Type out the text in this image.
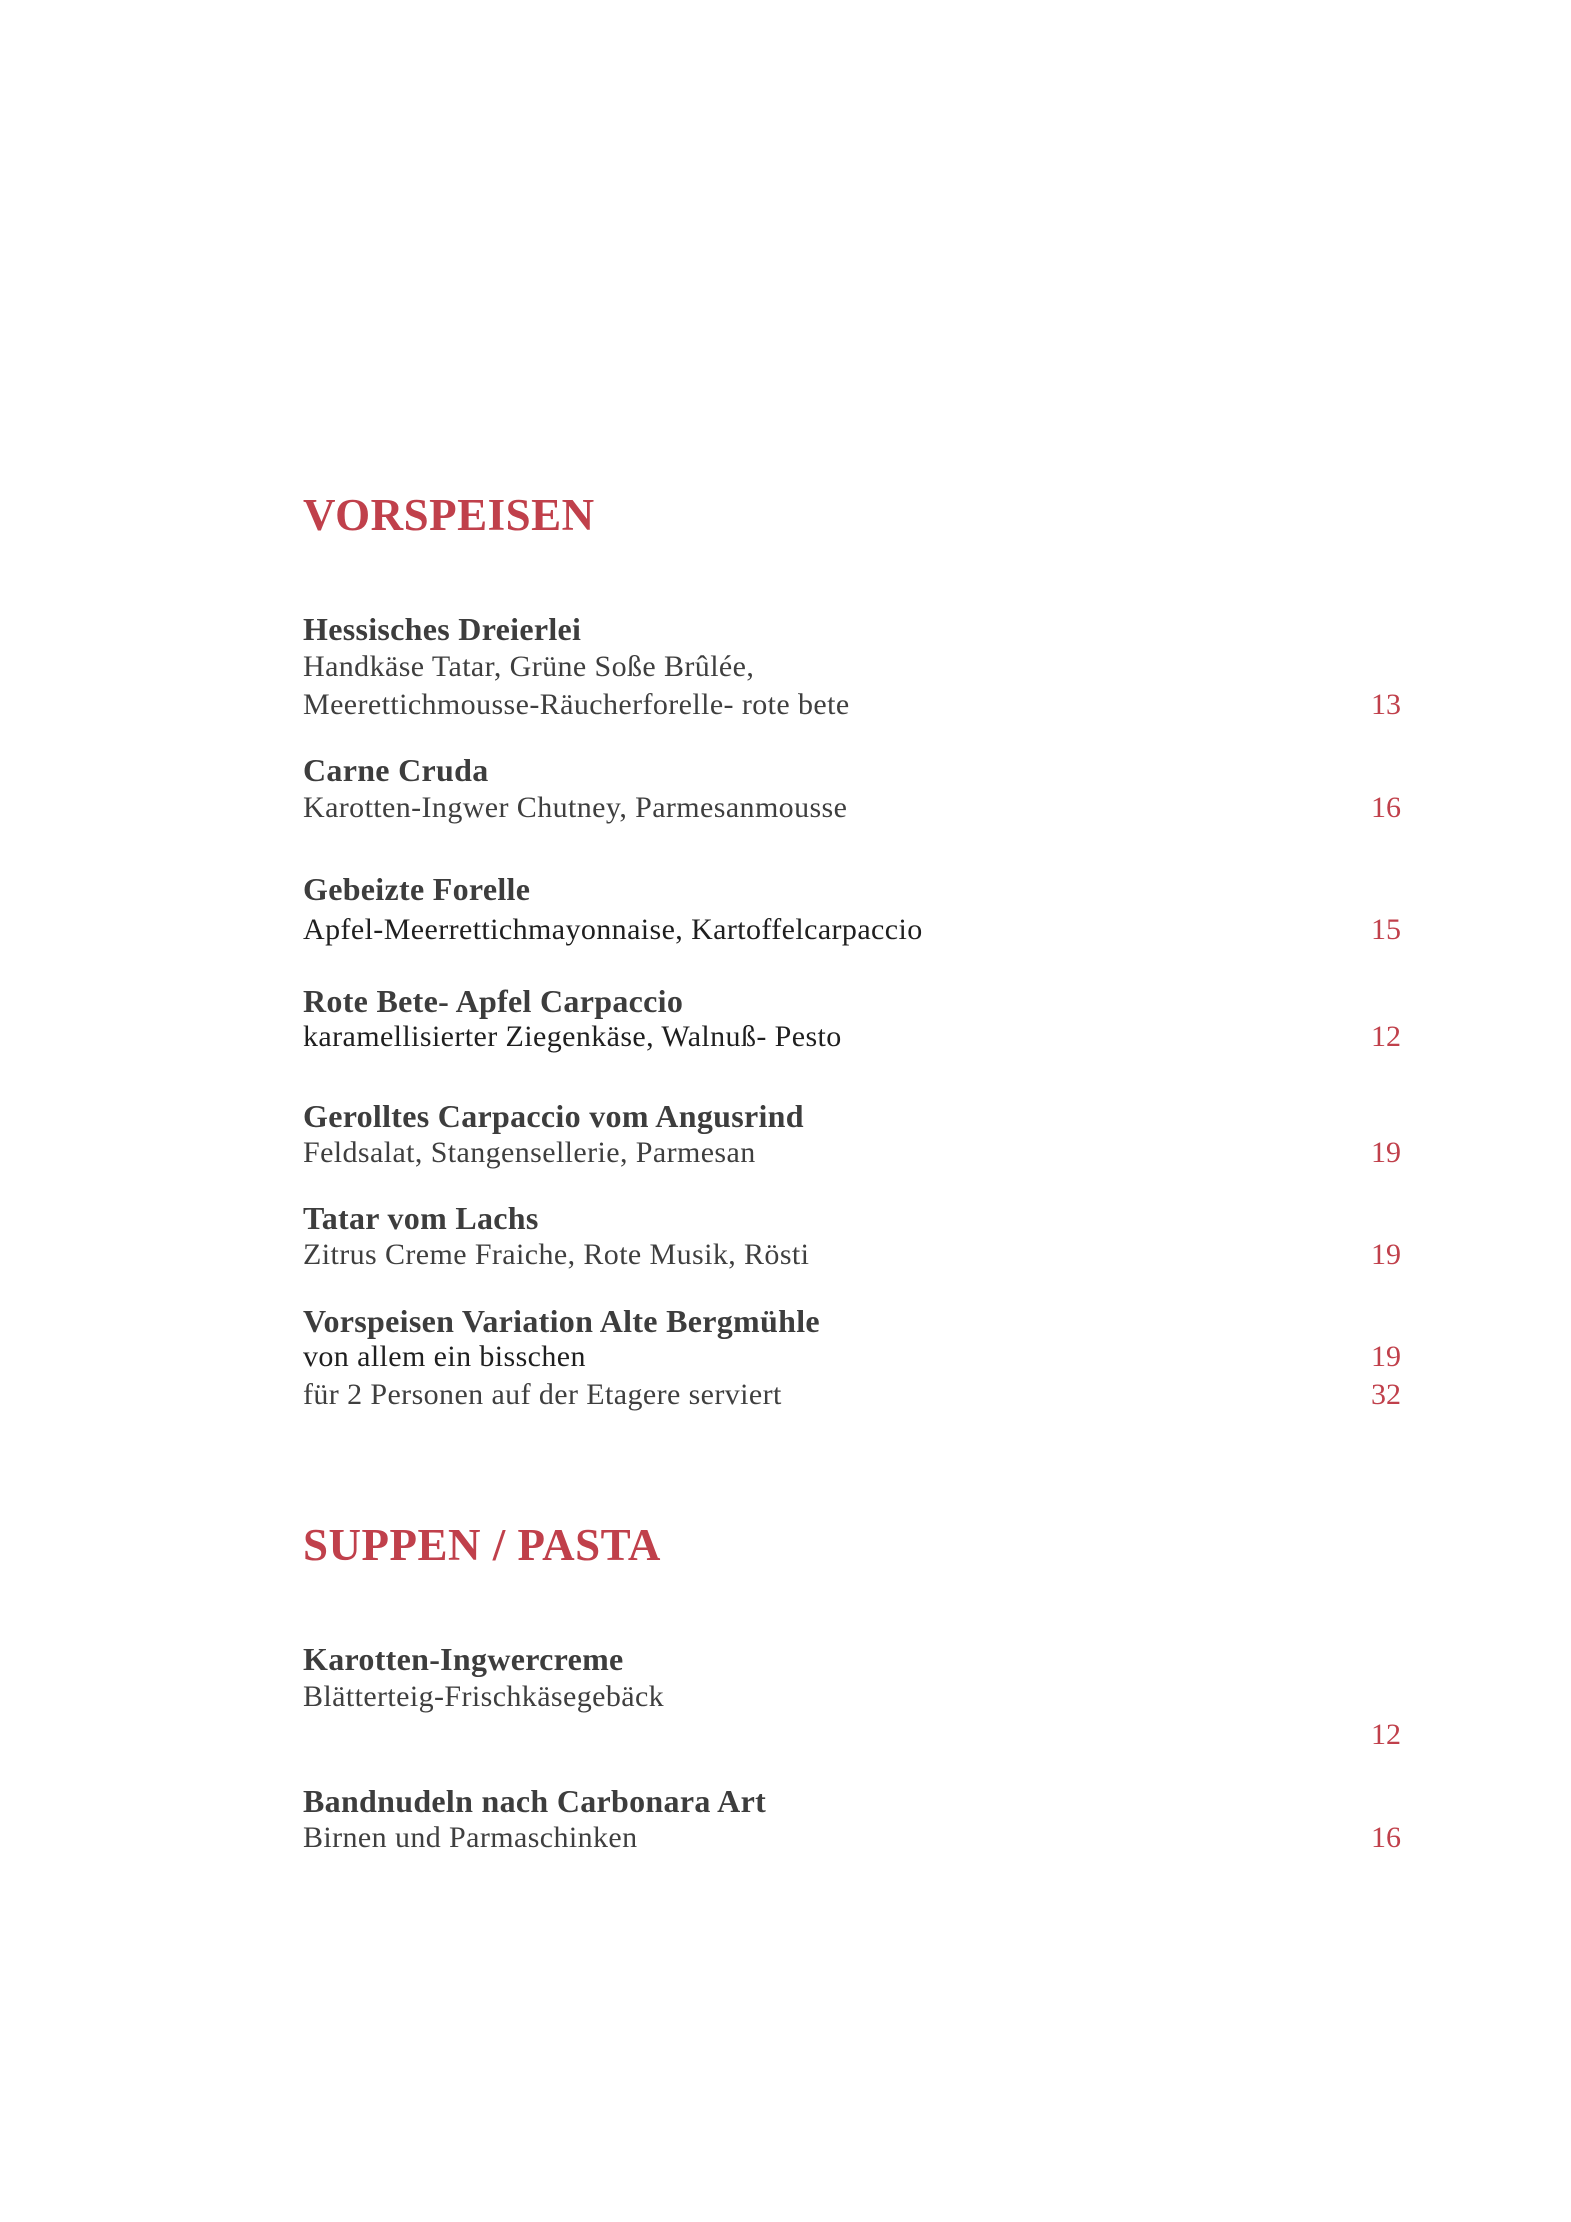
VORSPEISEN
Hessisches Dreierlei
Handkäse Tatar, Grüne Soße Brûlée,
Meerettichmousse-Räucherforelle- rote bete	13
Carne Cruda
Karotten-Ingwer Chutney, Parmesanmousse	16
Gebeizte Forelle
Apfel-Meerrettichmayonnaise, Kartoffelcarpaccio	15
Rote Bete- Apfel Carpaccio
karamellisierter Ziegenkäse, Walnuß- Pesto	12
Gerolltes Carpaccio vom Angusrind
Feldsalat, Stangensellerie, Parmesan	19
Tatar vom Lachs
Zitrus Creme Fraiche, Rote Musik, Rösti	19
Vorspeisen Variation Alte Bergmühle
von allem ein bisschen	19
für 2 Personen auf der Etagere serviert	32
SUPPEN / PASTA
Karotten-Ingwercreme
Blätterteig-Frischkäsegebäck
12
Bandnudeln nach Carbonara Art
Birnen und Parmaschinken	16
